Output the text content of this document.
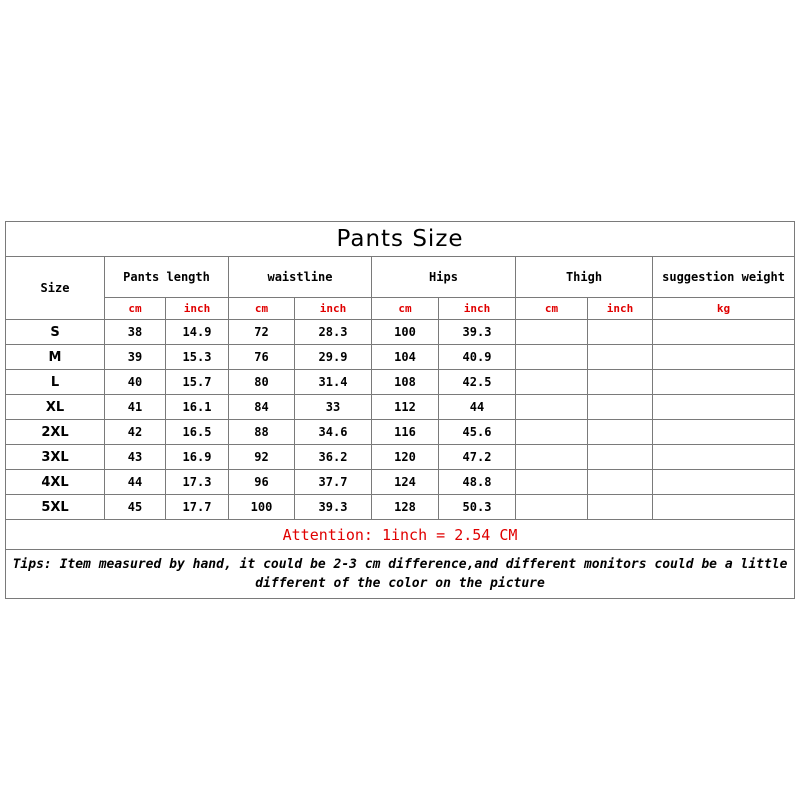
Pants Size									
Size	Pants length		waistline		Hips		Thigh		suggestion weight
	cm	inch	cm	inch	cm	inch	cm	inch	kg
S	38	14.9	72	28.3	100	39.3			
M	39	15.3	76	29.9	104	40.9			
L	40	15.7	80	31.4	108	42.5			
XL	41	16.1	84	33	112	44			
2XL	42	16.5	88	34.6	116	45.6			
3XL	43	16.9	92	36.2	120	47.2			
4XL	44	17.3	96	37.7	124	48.8			
5XL	45	17.7	100	39.3	128	50.3			
Attention: 1inch = 2.54 CM									
Tips: Item measured by hand, it could be 2-3 cm difference,and different monitors could be a little different of the color on the picture									
